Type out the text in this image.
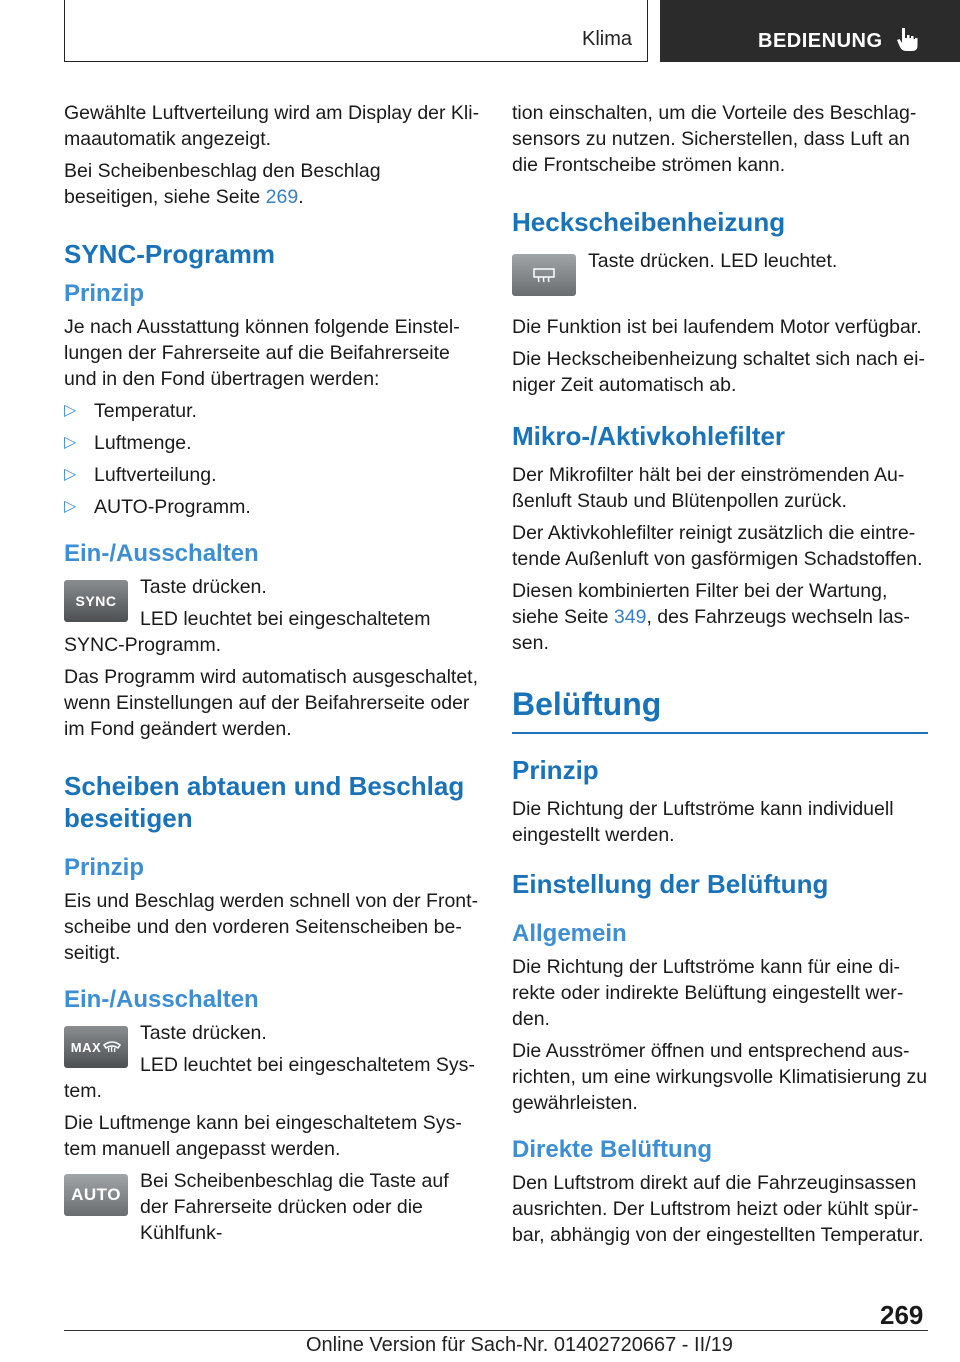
Klima	BEDIENUNG

Gewählte Luftverteilung wird am Display der Klimaautomatik angezeigt.

Bei Scheibenbeschlag den Beschlag beseitigen, siehe Seite 269.

SYNC-Programm
Prinzip

Je nach Ausstattung können folgende Einstellungen der Fahrerseite auf die Beifahrerseite und in den Fond übertragen werden:

▷ Temperatur.
▷ Luftmenge.
▷ Luftverteilung.
▷ AUTO-Programm.
Ein-/Ausschalten
SYNC

Taste drücken.

LED leuchtet bei eingeschaltetem SYNC-Programm.

Das Programm wird automatisch ausgeschaltet, wenn Einstellungen auf der Beifahrerseite oder im Fond geändert werden.

Scheiben abtauen und Beschlag beseitigen
Prinzip

Eis und Beschlag werden schnell von der Frontscheibe und den vorderen Seitenscheiben beseitigt.

Ein-/Ausschalten
MAX

Taste drücken.

LED leuchtet bei eingeschaltetem System.

Die Luftmenge kann bei eingeschaltetem System manuell angepasst werden.

AUTO

Bei Scheibenbeschlag die Taste auf der Fahrerseite drücken oder die Kühlfunk-

tion einschalten, um die Vorteile des Beschlagsensors zu nutzen. Sicherstellen, dass Luft an die Frontscheibe strömen kann.

Heckscheibenheizung

Taste drücken. LED leuchtet.

Die Funktion ist bei laufendem Motor verfügbar.

Die Heckscheibenheizung schaltet sich nach einiger Zeit automatisch ab.

Mikro-/Aktivkohlefilter

Der Mikrofilter hält bei der einströmenden Außenluft Staub und Blütenpollen zurück.

Der Aktivkohlefilter reinigt zusätzlich die eintretende Außenluft von gasförmigen Schadstoffen.

Diesen kombinierten Filter bei der Wartung, siehe Seite 349, des Fahrzeugs wechseln lassen.

Belüftung
Prinzip

Die Richtung der Luftströme kann individuell eingestellt werden.

Einstellung der Belüftung
Allgemein

Die Richtung der Luftströme kann für eine direkte oder indirekte Belüftung eingestellt werden.

Die Ausströmer öffnen und entsprechend ausrichten, um eine wirkungsvolle Klimatisierung zu gewährleisten.

Direkte Belüftung

Den Luftstrom direkt auf die Fahrzeuginsassen ausrichten. Der Luftstrom heizt oder kühlt spürbar, abhängig von der eingestellten Temperatur.

269
Online Version für Sach-Nr. 01402720667 - II/19
